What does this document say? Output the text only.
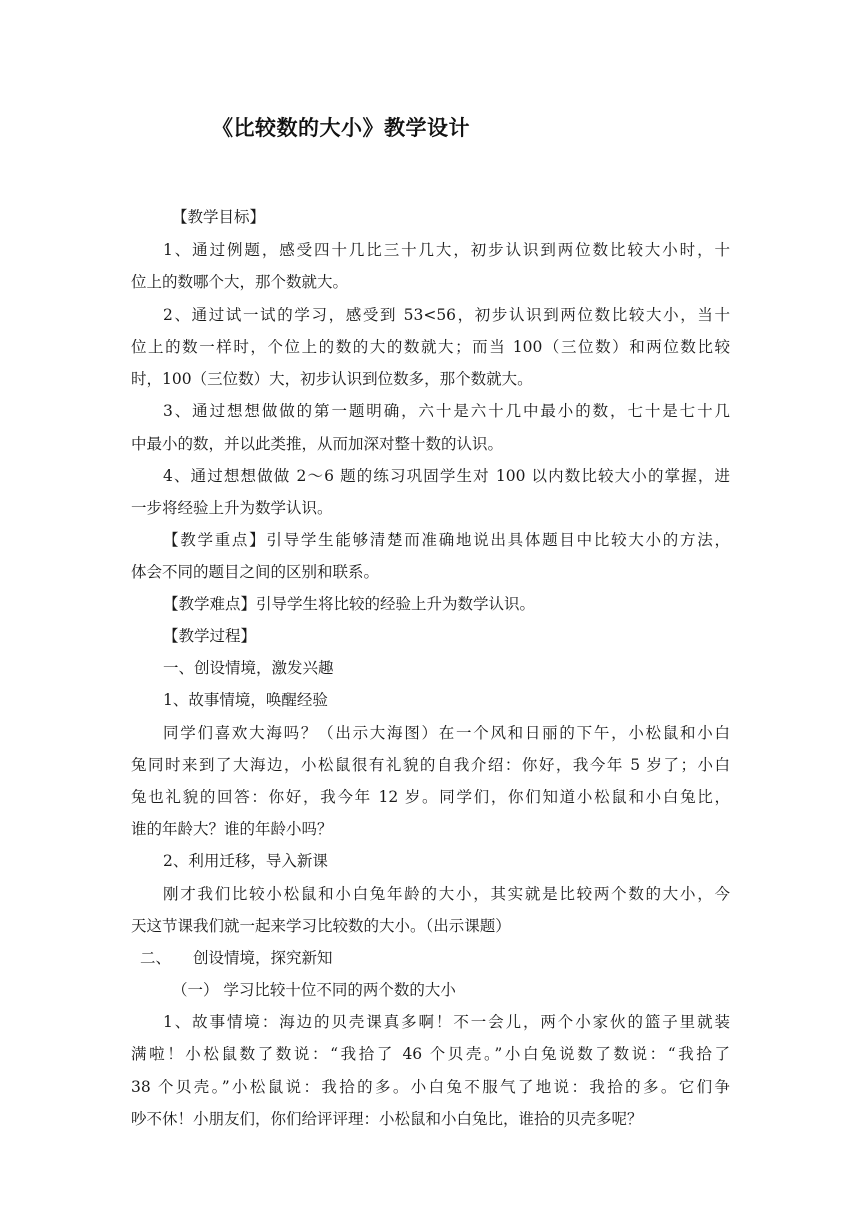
《比较数的大小》教学设计
【教学目标】
1、通过例题，感受四十几比三十几大，初步认识到两位数比较大小时，十
位上的数哪个大，那个数就大。
2、通过试一试的学习，感受到 53<56，初步认识到两位数比较大小，当十
位上的数一样时，个位上的数的大的数就大；而当 100（三位数）和两位数比较
时，100（三位数）大，初步认识到位数多，那个数就大。
3、通过想想做做的第一题明确，六十是六十几中最小的数，七十是七十几
中最小的数，并以此类推，从而加深对整十数的认识。
4、通过想想做做 2～6 题的练习巩固学生对 100 以内数比较大小的掌握，进
一步将经验上升为数学认识。
【教学重点】引导学生能够清楚而准确地说出具体题目中比较大小的方法，
体会不同的题目之间的区别和联系。
【教学难点】引导学生将比较的经验上升为数学认识。
【教学过程】
一、创设情境，激发兴趣
1、故事情境，唤醒经验
同学们喜欢大海吗？（出示大海图）在一个风和日丽的下午，小松鼠和小白
兔同时来到了大海边，小松鼠很有礼貌的自我介绍：你好，我今年 5 岁了；小白
兔也礼貌的回答：你好，我今年 12 岁。同学们，你们知道小松鼠和小白兔比，
谁的年龄大？谁的年龄小吗？
2、利用迁移，导入新课
刚才我们比较小松鼠和小白兔年龄的大小，其实就是比较两个数的大小，今
天这节课我们就一起来学习比较数的大小。（出示课题）
二、 创设情境，探究新知
（一） 学习比较十位不同的两个数的大小
1、故事情境：海边的贝壳课真多啊！不一会儿，两个小家伙的篮子里就装
满啦！小松鼠数了数说：“我拾了 46 个贝壳。”小白兔说数了数说：“我拾了
38 个贝壳。”小松鼠说：我拾的多。小白兔不服气了地说：我拾的多。它们争
吵不休！小朋友们，你们给评评理：小松鼠和小白兔比，谁拾的贝壳多呢？
